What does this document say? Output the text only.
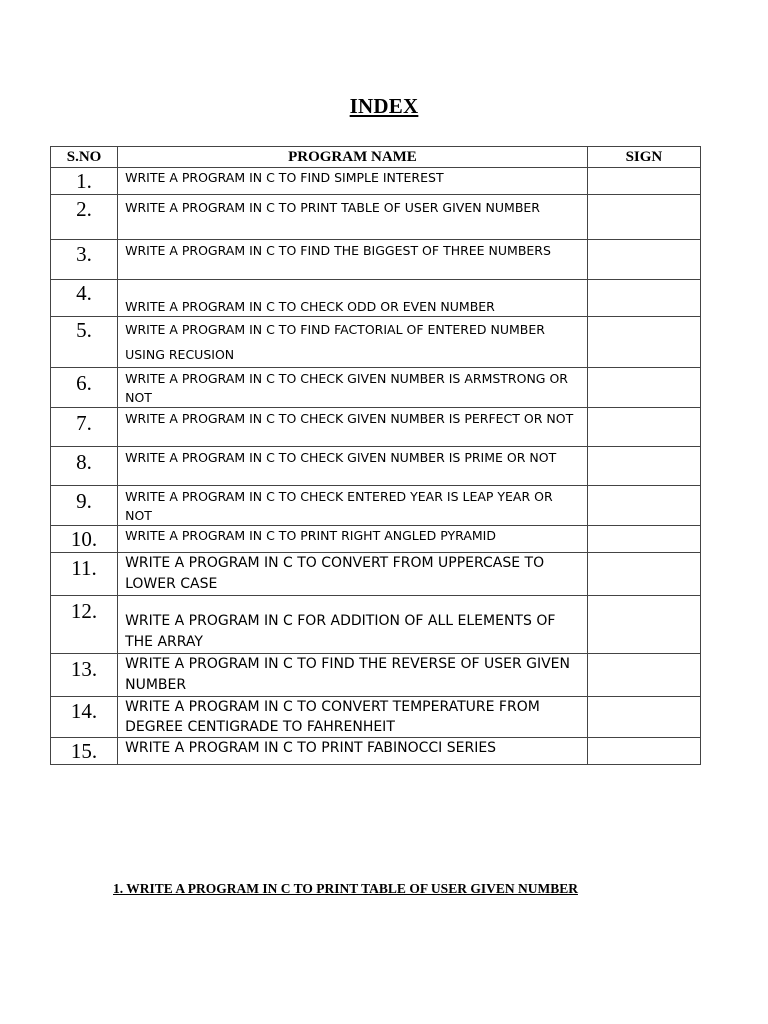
INDEX
S.NO	PROGRAM NAME	SIGN
1.	WRITE A PROGRAM IN C TO FIND SIMPLE INTEREST	
2.	WRITE A PROGRAM IN C TO PRINT TABLE OF USER GIVEN NUMBER	
3.	WRITE A PROGRAM IN C TO FIND THE BIGGEST OF THREE NUMBERS	
4.	WRITE A PROGRAM IN C TO CHECK ODD OR EVEN NUMBER	
5.	WRITE A PROGRAM IN C TO FIND FACTORIAL OF ENTERED NUMBER USING RECUSION	
6.	WRITE A PROGRAM IN C TO CHECK GIVEN NUMBER IS ARMSTRONG OR NOT	
7.	WRITE A PROGRAM IN C TO CHECK GIVEN NUMBER IS PERFECT OR NOT	
8.	WRITE A PROGRAM IN C TO CHECK GIVEN NUMBER IS PRIME OR NOT	
9.	WRITE A PROGRAM IN C TO CHECK ENTERED YEAR IS LEAP YEAR OR NOT	
10.	WRITE A PROGRAM IN C TO PRINT RIGHT ANGLED PYRAMID	
11.	WRITE A PROGRAM IN C TO CONVERT FROM UPPERCASE TO LOWER CASE	
12.	WRITE A PROGRAM IN C FOR ADDITION OF ALL ELEMENTS OF THE ARRAY	
13.	WRITE A PROGRAM IN C TO FIND THE REVERSE OF USER GIVEN NUMBER	
14.	WRITE A PROGRAM IN C TO CONVERT TEMPERATURE FROM DEGREE CENTIGRADE TO FAHRENHEIT	
15.	WRITE A PROGRAM IN C TO PRINT FABINOCCI SERIES	
1. WRITE A PROGRAM IN C TO PRINT TABLE OF USER GIVEN NUMBER
